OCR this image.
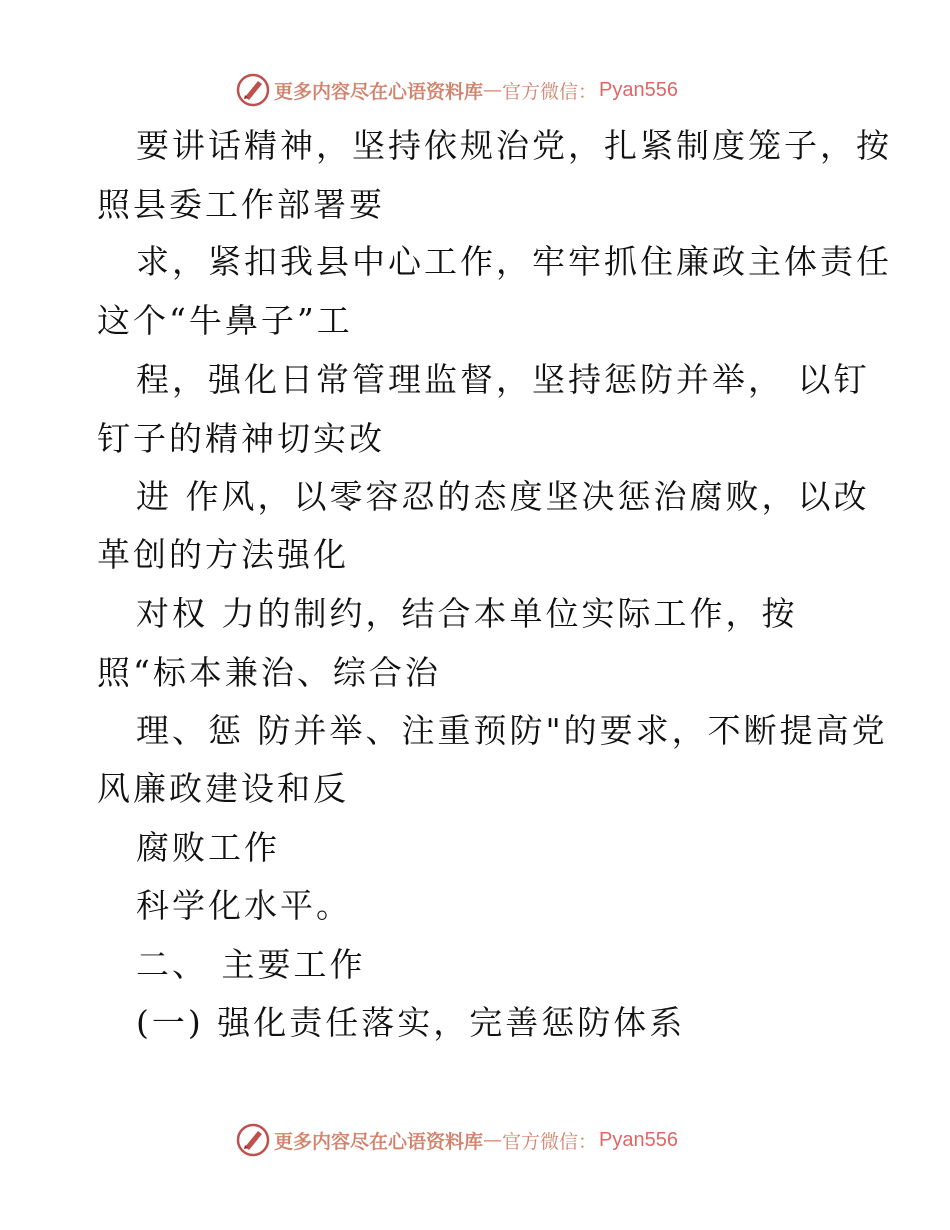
更多内容尽在心语资料库 — 官方微信： Pyan556
要讲话精神，坚持依规治党，扎紧制度笼子，按
照县委工作部署要
求，紧扣我县中心工作，牢牢抓住廉政主体责任
这个“牛鼻子”工
程，强化日常管理监督，坚持惩防并举， 以钉
钉子的精神切实改
进 作风，以零容忍的态度坚决惩治腐败，以改
革创的方法强化
对权 力的制约，结合本单位实际工作，按
照“标本兼治、综合治
理、惩 防并举、注重预防"的要求，不断提高党
风廉政建设和反
腐败工作
科学化水平。
二、 主要工作
(一) 强化责任落实，完善惩防体系
更多内容尽在心语资料库 — 官方微信： Pyan556
